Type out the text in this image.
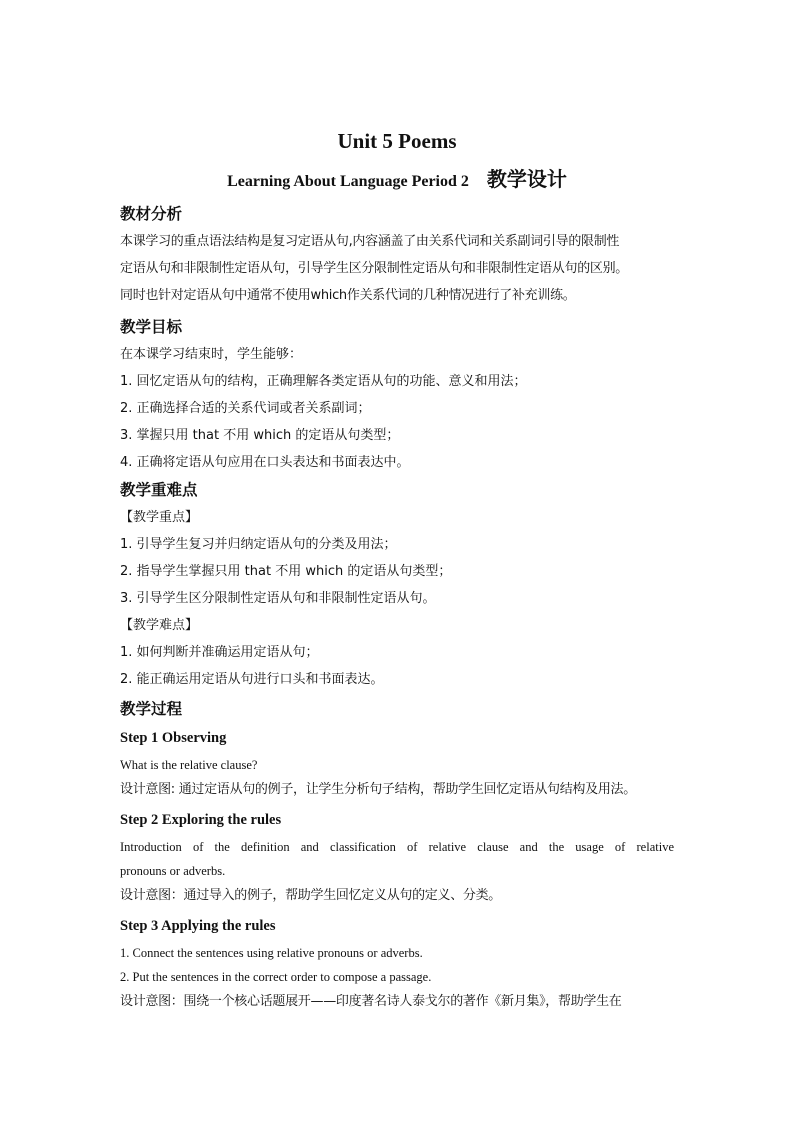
Unit 5 Poems
Learning About Language Period 2 教学设计
教材分析

本课学习的重点语法结构是复习定语从句,内容涵盖了由关系代词和关系副词引导的限制性

定语从句和非限制性定语从句，引导学生区分限制性定语从句和非限制性定语从句的区别。

同时也针对定语从句中通常不使用which作关系代词的几种情况进行了补充训练。

教学目标
在本课学习结束时，学生能够：
1. 回忆定语从句的结构，正确理解各类定语从句的功能、意义和用法；
2. 正确选择合适的关系代词或者关系副词；
3. 掌握只用 that 不用 which 的定语从句类型；
4. 正确将定语从句应用在口头表达和书面表达中。
教学重难点
【教学重点】
1. 引导学生复习并归纳定语从句的分类及用法；
2. 指导学生掌握只用 that 不用 which 的定语从句类型；
3. 引导学生区分限制性定语从句和非限制性定语从句。
【教学难点】
1. 如何判断并准确运用定语从句；
2. 能正确运用定语从句进行口头和书面表达。
教学过程
Step 1 Observing
What is the relative clause?
设计意图: 通过定语从句的例子，让学生分析句子结构，帮助学生回忆定语从句结构及用法。
Step 2 Exploring the rules
Introduction of the definition and classification of relative clause and the usage of relative
pronouns or adverbs.
设计意图：通过导入的例子，帮助学生回忆定义从句的定义、分类。
Step 3 Applying the rules
1. Connect the sentences using relative pronouns or adverbs.
2. Put the sentences in the correct order to compose a passage.
设计意图：围绕一个核心话题展开——印度著名诗人泰戈尔的著作《新月集》，帮助学生在
